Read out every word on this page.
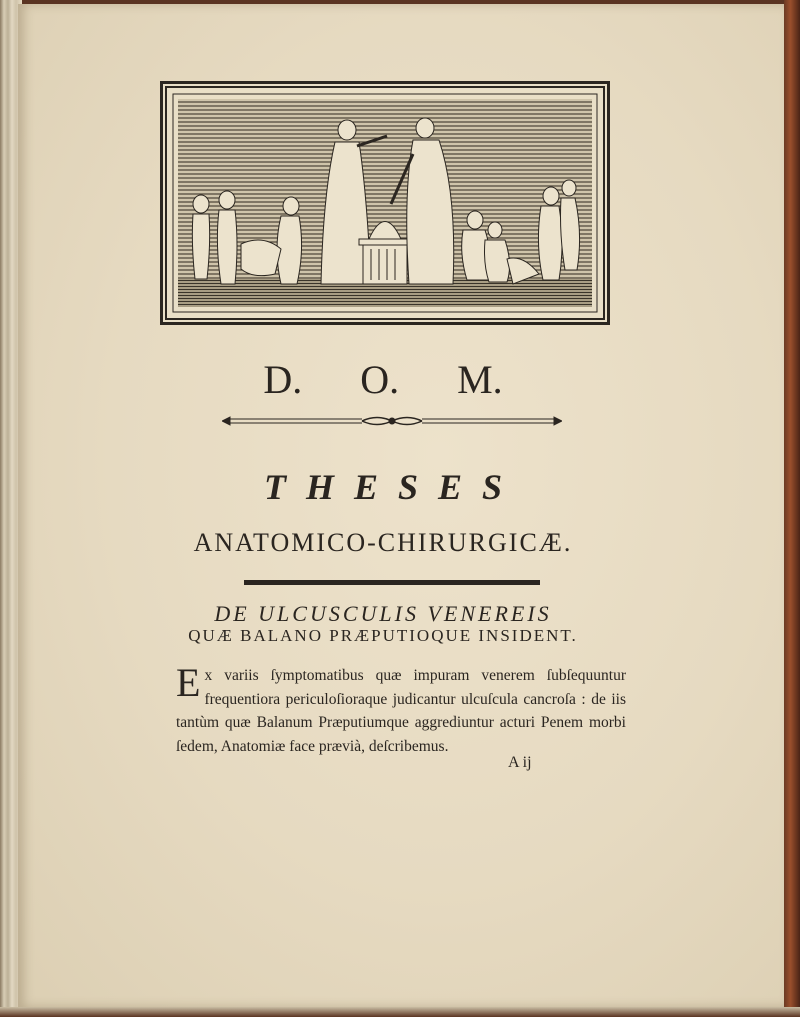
D. O. M.
THESES
ANATOMICO-CHIRURGICÆ.
DE ULCUSCULIS VENEREIS
QUÆ BALANO PRÆPUTIOQUE INSIDENT.
E x variis ſymptomatibus quæ impuram venerem ſubſequuntur frequentiora periculoſioraque judicantur ulcuſcula cancroſa : de iis tantùm quæ Balanum Præputiumque aggrediuntur acturi Penem morbi ſedem, Anatomiæ face prævià, deſcribemus.

A ij
